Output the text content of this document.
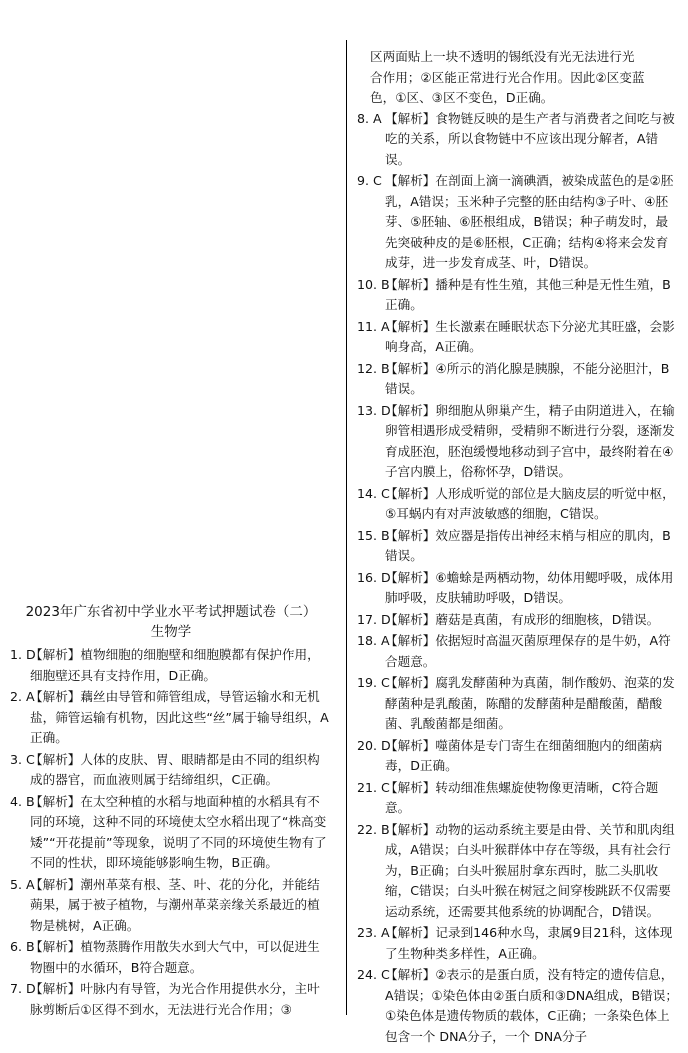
区两面贴上一块不透明的锡纸没有光无法进行光

合作用；②区能正常进行光合作用。因此②区变蓝

色，①区、③区不变色，D正确。

8. A 【解析】食物链反映的是生产者与消费者之间吃与被吃的关系，所以食物链中不应该出现分解者，A错误。
9. C 【解析】在剖面上滴一滴碘酒，被染成蓝色的是②胚乳，A错误；玉米种子完整的胚由结构③子叶、④胚芽、⑤胚轴、⑥胚根组成，B错误；种子萌发时，最先突破种皮的是⑥胚根，C正确；结构④将来会发育成芽，进一步发育成茎、叶，D错误。
10. B
【解析】播种是有性生殖，其他三种是无性生殖，B正确。
11. A
【解析】生长激素在睡眠状态下分泌尤其旺盛，会影响身高，A正确。
12. B
【解析】④所示的消化腺是胰腺，不能分泌胆汁，B错误。
13. D
【解析】卵细胞从卵巢产生，精子由阴道进入，在输卵管相遇形成受精卵，受精卵不断进行分裂，逐渐发育成胚泡，胚泡缓慢地移动到子宫中，最终附着在④子宫内膜上，俗称怀孕，D错误。
14. C
【解析】人形成听觉的部位是大脑皮层的听觉中枢，⑤耳蜗内有对声波敏感的细胞，C错误。
15. B
【解析】效应器是指传出神经末梢与相应的肌肉，B错误。
16. D
【解析】⑥蟾蜍是两栖动物，幼体用鳃呼吸，成体用肺呼吸，皮肤辅助呼吸，D错误。
17. D
【解析】蘑菇是真菌，有成形的细胞核，D错误。
18. A
【解析】依据短时高温灭菌原理保存的是牛奶，A符合题意。
19. C
【解析】腐乳发酵菌种为真菌，制作酸奶、泡菜的发酵菌种是乳酸菌，陈醋的发酵菌种是醋酸菌，醋酸菌、乳酸菌都是细菌。
20. D
【解析】噬菌体是专门寄生在细菌细胞内的细菌病毒，D正确。
21. C
【解析】转动细准焦螺旋使物像更清晰，C符合题意。
22. B
【解析】动物的运动系统主要是由骨、关节和肌肉组成，A错误；白头叶猴群体中存在等级，具有社会行为，B正确；白头叶猴屈肘拿东西时，肱二头肌收缩，C错误；白头叶猴在树冠之间穿梭跳跃不仅需要运动系统，还需要其他系统的协调配合，D错误。
23. A
【解析】记录到146种水鸟，隶属9目21科，这体现了生物种类多样性，A正确。
24. C
【解析】②表示的是蛋白质，没有特定的遗传信息，A错误；①染色体由②蛋白质和③DNA组成，B错误；①染色体是遗传物质的载体，C正确；一条染色体上包含一个 DNA分子，一个 DNA分子
2023年广东省初中学业水平考试押题试卷（二）
生物学
1. D
【解析】植物细胞的细胞壁和细胞膜都有保护作用，细胞壁还具有支持作用，D正确。
2. A
【解析】藕丝由导管和筛管组成，导管运输水和无机盐，筛管运输有机物，因此这些“丝”属于输导组织，A正确。
3. C
【解析】人体的皮肤、胃、眼睛都是由不同的组织构成的器官，而血液则属于结缔组织，C正确。
4. B
【解析】在太空种植的水稻与地面种植的水稻具有不同的环境，这种不同的环境使太空水稻出现了“株高变矮”“开花提前”等现象，说明了不同的环境使生物有了不同的性状，即环境能够影响生物，B正确。
5. A
【解析】潮州革菜有根、茎、叶、花的分化，并能结蒴果，属于被子植物，与潮州革菜亲缘关系最近的植物是桃树，A正确。
6. B
【解析】植物蒸腾作用散失水到大气中，可以促进生物圈中的水循环，B符合题意。
7. D
【解析】叶脉内有导管，为光合作用提供水分，主叶脉剪断后①区得不到水，无法进行光合作用；③
